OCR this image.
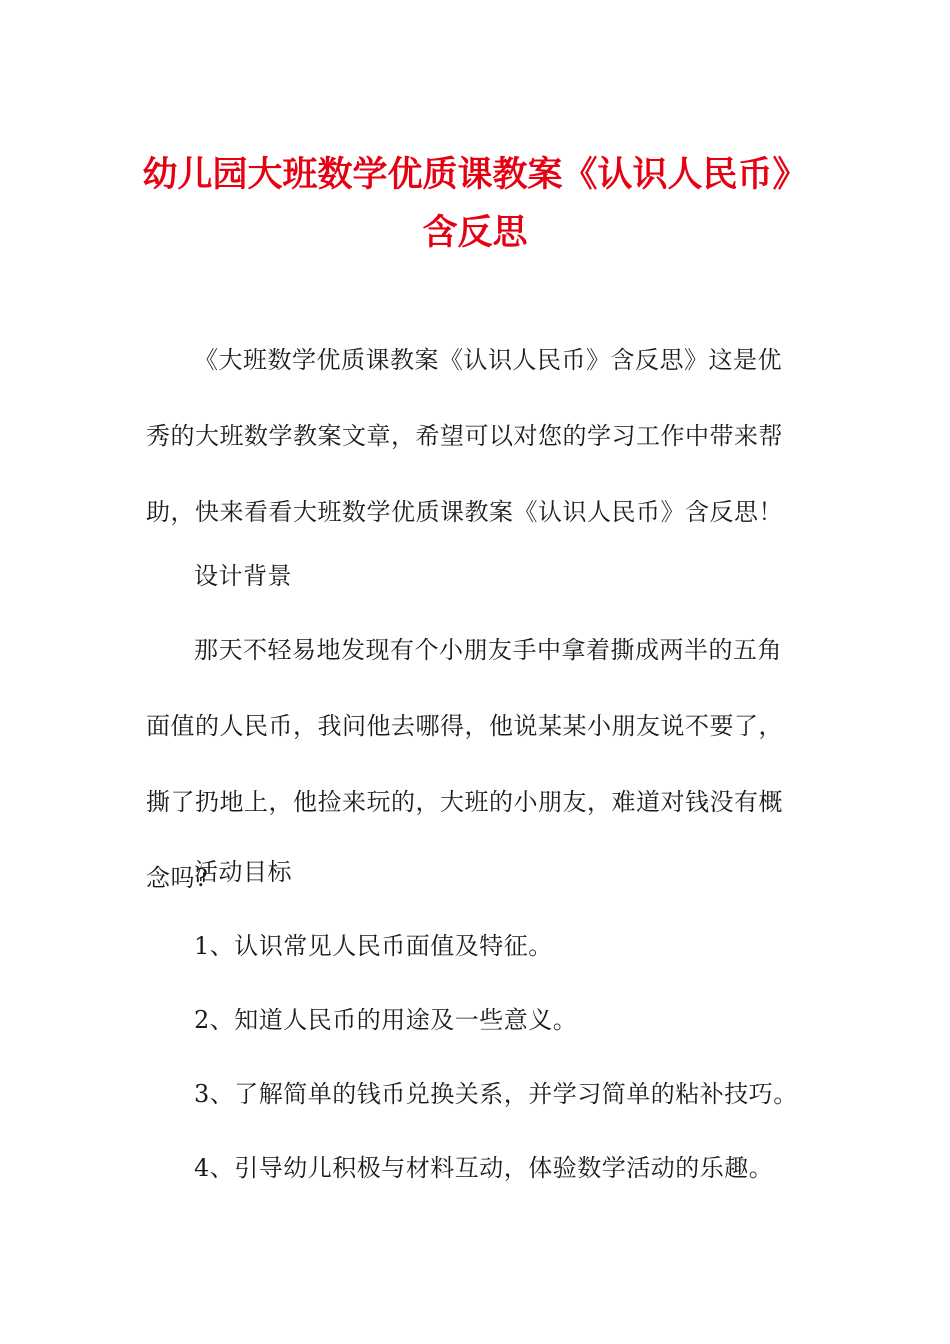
幼儿园大班数学优质课教案《认识人民币》
含反思

《大班数学优质课教案《认识人民币》含反思》这是优秀的大班数学教案文章，希望可以对您的学习工作中带来帮助，快来看看大班数学优质课教案《认识人民币》含反思！

设计背景

那天不轻易地发现有个小朋友手中拿着撕成两半的五角面值的人民币，我问他去哪得，他说某某小朋友说不要了，撕了扔地上，他捡来玩的，大班的小朋友，难道对钱没有概念吗?

活动目标

1、认识常见人民币面值及特征。

2、知道人民币的用途及一些意义。

3、了解简单的钱币兑换关系，并学习简单的粘补技巧。

4、引导幼儿积极与材料互动，体验数学活动的乐趣。
